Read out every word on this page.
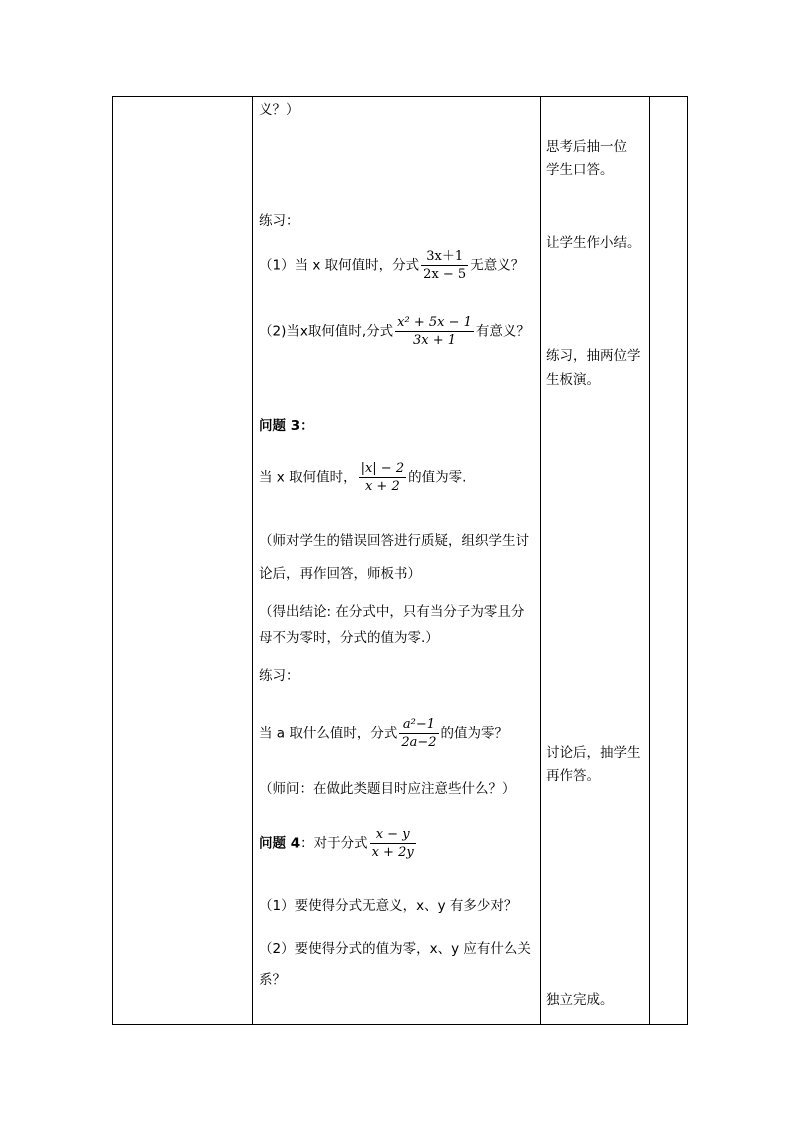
义？）
练习：
（1）当 x 取何值时，分式 $\frac{3x+1}{2x - 5}$ 无意义？
（2)当x取何值时,分式 $\frac{\text{x² + 5x − 1}}{3x + 1}$ 有意义？
问题 3：
当 x 取何值时， $\frac{|x| - 2}{x + 2}$ 的值为零.
（师对学生的错误回答进行质疑，组织学生讨
论后，再作回答，师板书）
（得出结论: 在分式中，只有当分子为零且分
母不为零时，分式的值为零.）
练习：
当 a 取什么值时，分式 $\frac{\text{a²−1}}{2a-2}$ 的值为零？
（师问：在做此类题目时应注意些什么？）
问题 4：对于分式 $\frac{x - y}{x + 2y}$
（1）要使得分式无意义，x、y 有多少对？
（2）要使得分式的值为零，x、y 应有什么关
系？
思考后抽一位
学生口答。
让学生作小结。
练习，抽两位学
生板演。
讨论后，抽学生
再作答。
独立完成。
